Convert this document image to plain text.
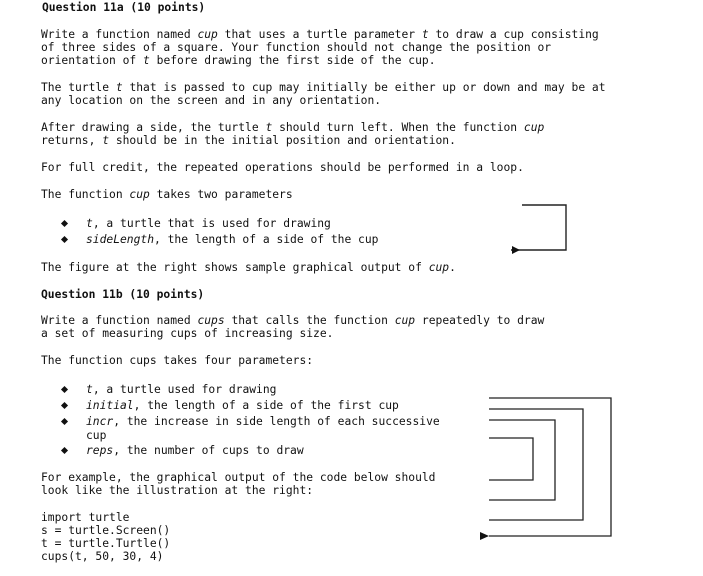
Question 11a (10 points)
Write a function named cup that uses a turtle parameter t to draw a cup consisting
of three sides of a square. Your function should not change the position or
orientation of t before drawing the first side of the cup.
The turtle t that is passed to cup may initially be either up or down and may be at
any location on the screen and in any orientation.
After drawing a side, the turtle t should turn left. When the function cup
returns, t should be in the initial position and orientation.
For full credit, the repeated operations should be performed in a loop.
The function cup takes two parameters
t, a turtle that is used for drawing
sideLength, the length of a side of the cup
The figure at the right shows sample graphical output of cup.
Question 11b (10 points)
Write a function named cups that calls the function cup repeatedly to draw
a set of measuring cups of increasing size.
The function cups takes four parameters:
t, a turtle used for drawing
initial, the length of a side of the first cup
incr, the increase in side length of each successive
cup
reps, the number of cups to draw
For example, the graphical output of the code below should
look like the illustration at the right:
import turtle
s = turtle.Screen()
t = turtle.Turtle()
cups(t, 50, 30, 4)
